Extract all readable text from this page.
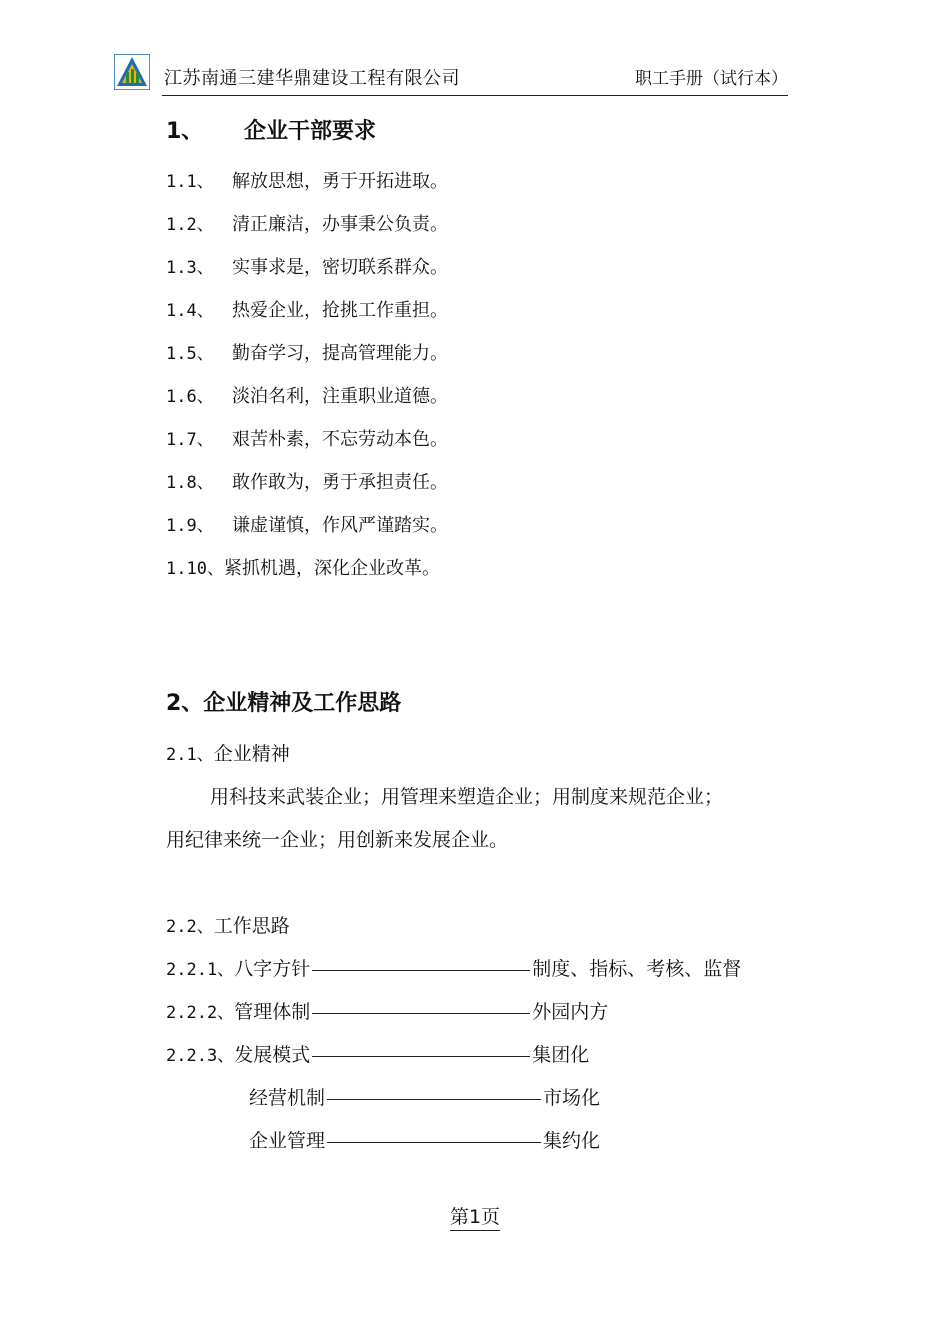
江苏南通三建华鼎建设工程有限公司	职工手册（试行本）
1、 企业干部要求
1.1、 解放思想，勇于开拓进取。
1.2、 清正廉洁，办事秉公负责。
1.3、 实事求是，密切联系群众。
1.4、 热爱企业，抢挑工作重担。
1.5、 勤奋学习，提高管理能力。
1.6、 淡泊名利，注重职业道德。
1.7、 艰苦朴素，不忘劳动本色。
1.8、 敢作敢为，勇于承担责任。
1.9、 谦虚谨慎，作风严谨踏实。
1.10、紧抓机遇，深化企业改革。
2、企业精神及工作思路
2.1、企业精神
用科技来武装企业；用管理来塑造企业；用制度来规范企业；
用纪律来统一企业；用创新来发展企业。
2.2、工作思路
2.2.1、八字方针	制度、指标、考核、监督
2.2.2、管理体制	外园内方
2.2.3、发展模式	集团化
经营机制	市场化
企业管理	集约化
第1页
